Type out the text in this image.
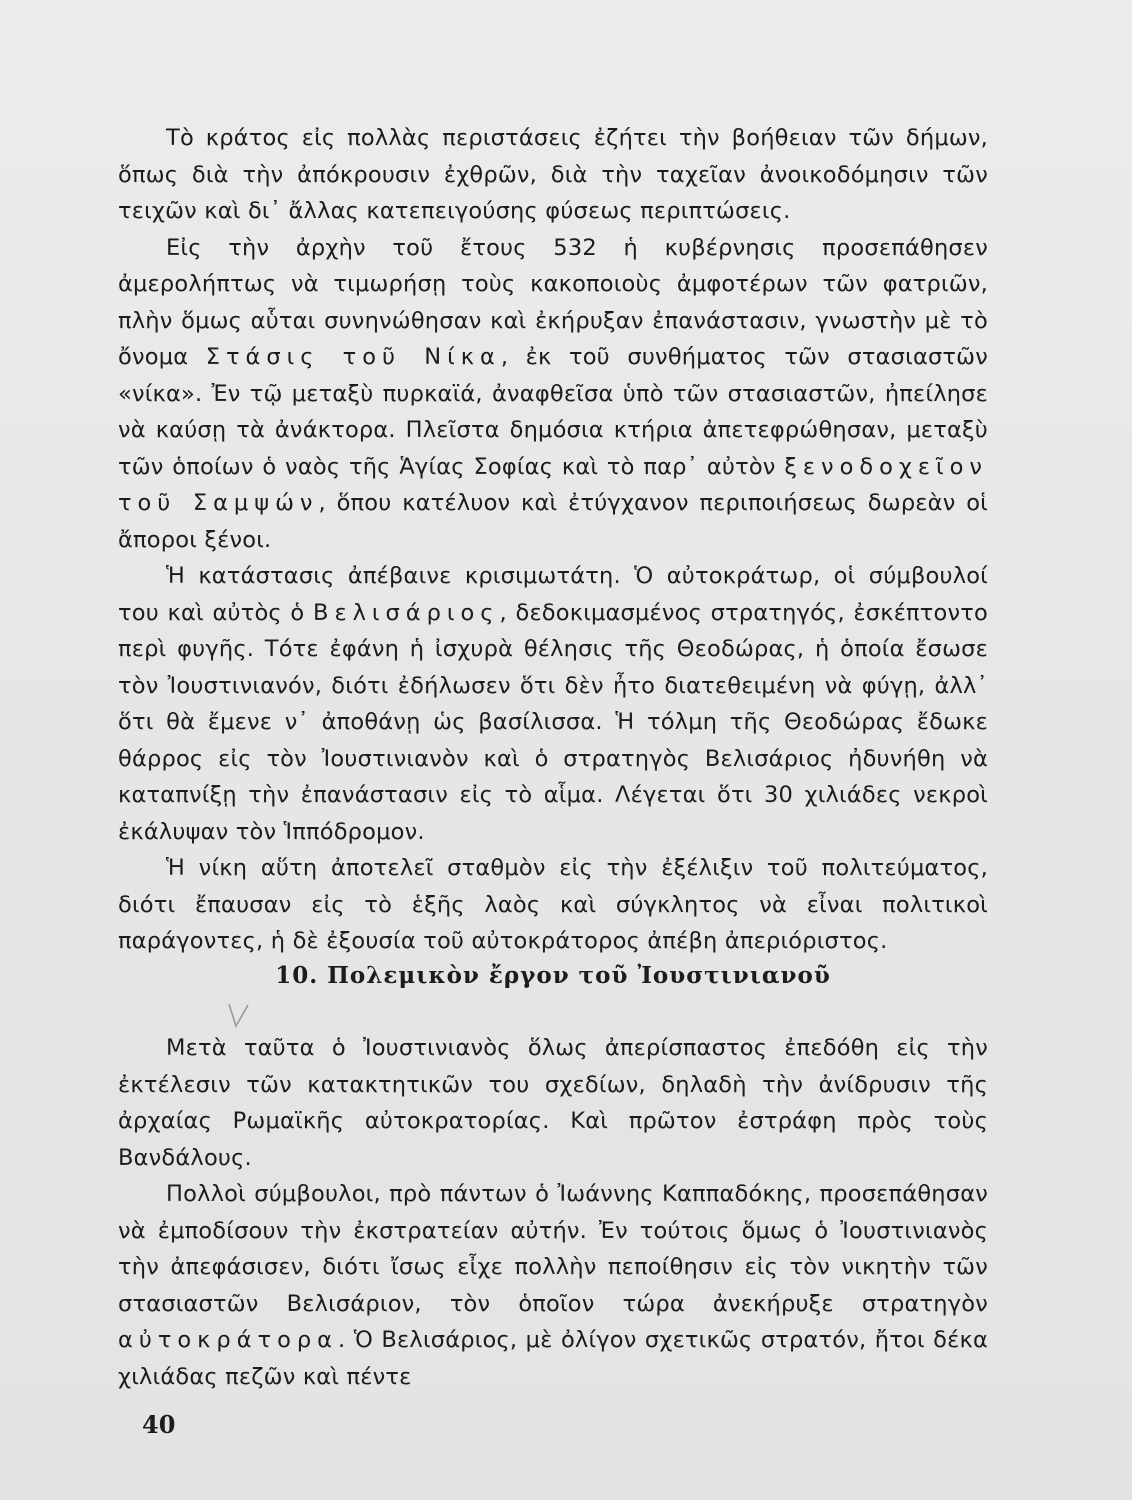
Τὸ κράτος εἰς πολλὰς περιστάσεις ἐζήτει τὴν βοήθειαν τῶν δήμων, ὅπως διὰ τὴν ἀπόκρουσιν ἐχθρῶν, διὰ τὴν ταχεῖαν ἀνοικοδόμησιν τῶν τειχῶν καὶ δι᾽ ἄλλας κατεπειγούσης φύσεως περιπτώσεις.

Εἰς τὴν ἀρχὴν τοῦ ἔτους 532 ἡ κυβέρνησις προσεπάθησεν ἀμερολήπτως νὰ τιμωρήσῃ τοὺς κακοποιοὺς ἀμφοτέρων τῶν φατριῶν, πλὴν ὅμως αὗται συνηνώθησαν καὶ ἐκήρυξαν ἐπανάστασιν, γνωστὴν μὲ τὸ ὄνομα Στάσις τοῦ Νίκα, ἐκ τοῦ συνθήματος τῶν στασιαστῶν «νίκα». Ἐν τῷ μεταξὺ πυρκαϊά, ἀναφθεῖσα ὑπὸ τῶν στασιαστῶν, ἠπείλησε νὰ καύσῃ τὰ ἀνάκτορα. Πλεῖστα δημόσια κτήρια ἀπετεφρώθησαν, μεταξὺ τῶν ὁποίων ὁ ναὸς τῆς Ἁγίας Σοφίας καὶ τὸ παρ᾽ αὐτὸν ξενοδοχεῖον τοῦ Σαμψών, ὅπου κατέλυον καὶ ἐτύγχανον περιποιήσεως δωρεὰν οἱ ἄποροι ξένοι.

Ἡ κατάστασις ἀπέβαινε κρισιμωτάτη. Ὁ αὐτοκράτωρ, οἱ σύμβουλοί του καὶ αὐτὸς ὁ Βελισάριος, δεδοκιμασμένος στρατηγός, ἐσκέπτοντο περὶ φυγῆς. Τότε ἐφάνη ἡ ἰσχυρὰ θέλησις τῆς Θεοδώρας, ἡ ὁποία ἔσωσε τὸν Ἰουστινιανόν, διότι ἐδήλωσεν ὅτι δὲν ἦτο διατεθειμένη νὰ φύγῃ, ἀλλ᾽ ὅτι θὰ ἔμενε ν᾽ ἀποθάνῃ ὡς βασίλισσα. Ἡ τόλμη τῆς Θεοδώρας ἔδωκε θάρρος εἰς τὸν Ἰουστινιανὸν καὶ ὁ στρατηγὸς Βελισάριος ἠδυνήθη νὰ καταπνίξῃ τὴν ἐπανάστασιν εἰς τὸ αἷμα. Λέγεται ὅτι 30 χιλιάδες νεκροὶ ἐκάλυψαν τὸν Ἱππόδρομον.

Ἡ νίκη αὕτη ἀποτελεῖ σταθμὸν εἰς τὴν ἐξέλιξιν τοῦ πολιτεύματος, διότι ἔπαυσαν εἰς τὸ ἑξῆς λαὸς καὶ σύγκλητος νὰ εἶναι πολιτικοὶ παράγοντες, ἡ δὲ ἐξουσία τοῦ αὐτοκράτορος ἀπέβη ἀπεριόριστος.

10. Πολεμικὸν ἔργον τοῦ Ἰουστινιανοῦ

Μετὰ ταῦτα ὁ Ἰουστινιανὸς ὅλως ἀπερίσπαστος ἐπεδόθη εἰς τὴν ἐκτέλεσιν τῶν κατακτητικῶν του σχεδίων, δηλαδὴ τὴν ἀνίδρυσιν τῆς ἀρχαίας Ρωμαϊκῆς αὐτοκρατορίας. Καὶ πρῶτον ἐστράφη πρὸς τοὺς Βανδάλους.

Πολλοὶ σύμβουλοι, πρὸ πάντων ὁ Ἰωάννης Καππαδόκης, προσεπάθησαν νὰ ἐμποδίσουν τὴν ἐκστρατείαν αὐτήν. Ἐν τούτοις ὅμως ὁ Ἰουστινιανὸς τὴν ἀπεφάσισεν, διότι ἴσως εἶχε πολλὴν πεποίθησιν εἰς τὸν νικητὴν τῶν στασιαστῶν Βελισάριον, τὸν ὁποῖον τώρα ἀνεκήρυξε στρατηγὸν αὐτοκράτορα. Ὁ Βελισάριος, μὲ ὀλίγον σχετικῶς στρατόν, ἤτοι δέκα χιλιάδας πεζῶν καὶ πέντε

40
